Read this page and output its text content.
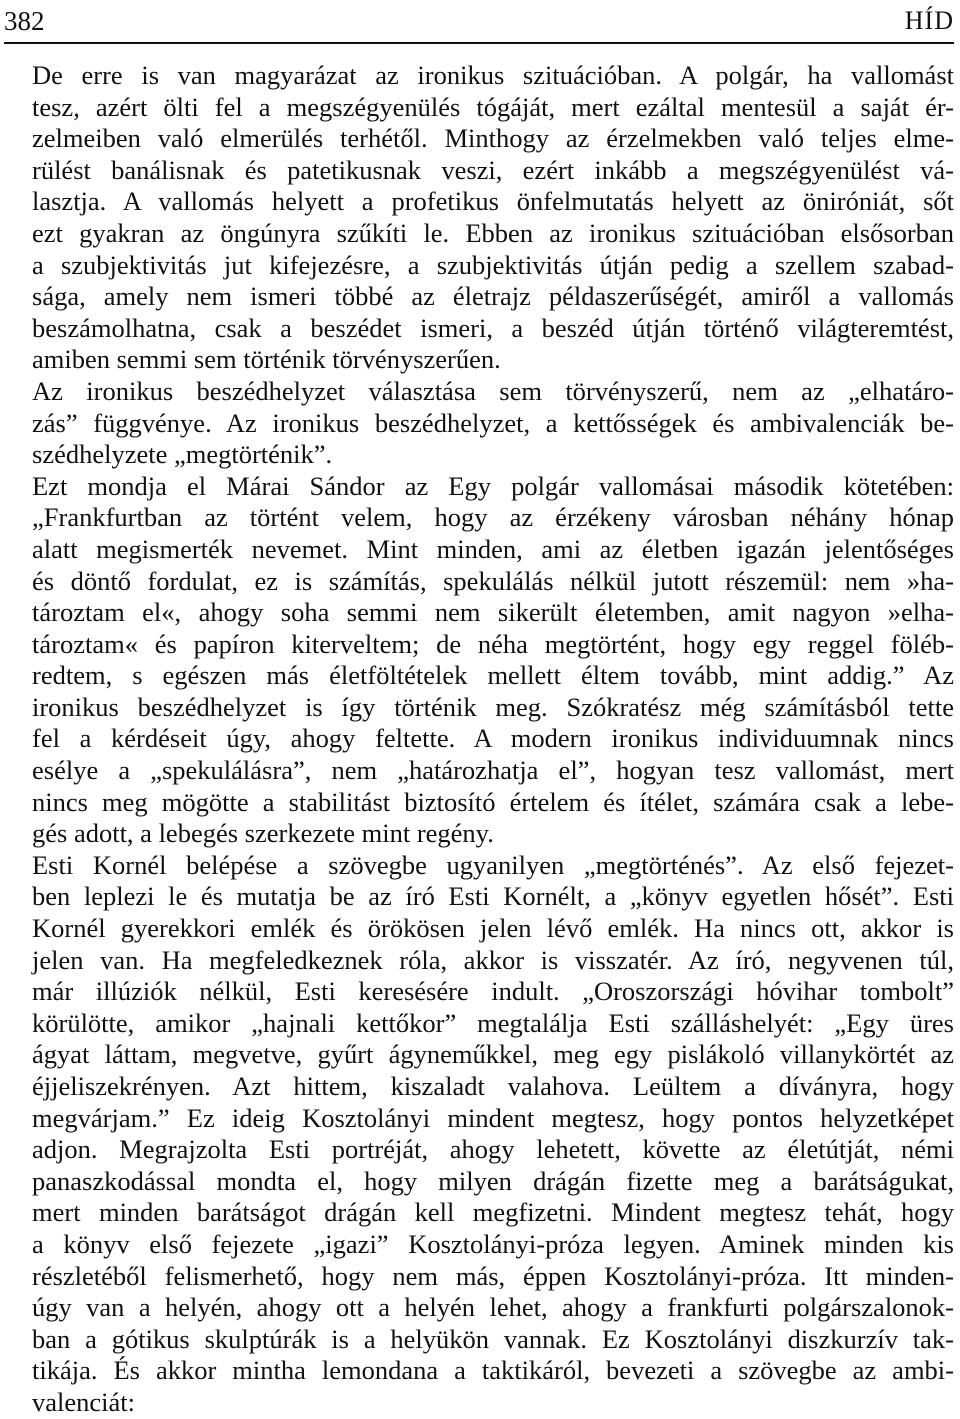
382	HÍD

De erre is van magyarázat az ironikus szituációban. A polgár, ha vallomást
tesz, azért ölti fel a megszégyenülés tógáját, mert ezáltal mentesül a saját ér-
zelmeiben való elmerülés terhétől. Minthogy az érzelmekben való teljes elme-
rülést banálisnak és patetikusnak veszi, ezért inkább a megszégyenülést vá-
lasztja. A vallomás helyett a profetikus önfelmutatás helyett az öniróniát, sőt
ezt gyakran az öngúnyra szűkíti le. Ebben az ironikus szituációban elsősorban
a szubjektivitás jut kifejezésre, a szubjektivitás útján pedig a szellem szabad-
sága, amely nem ismeri többé az életrajz példaszerűségét, amiről a vallomás
beszámolhatna, csak a beszédet ismeri, a beszéd útján történő világteremtést,
amiben semmi sem történik törvényszerűen.

Az ironikus beszédhelyzet választása sem törvényszerű, nem az „elhatáro-
zás” függvénye. Az ironikus beszédhelyzet, a kettősségek és ambivalenciák be-
szédhelyzete „megtörténik”.

Ezt mondja el Márai Sándor az Egy polgár vallomásai második kötetében:
„Frankfurtban az történt velem, hogy az érzékeny városban néhány hónap
alatt megismerték nevemet. Mint minden, ami az életben igazán jelentőséges
és döntő fordulat, ez is számítás, spekulálás nélkül jutott részemül: nem »ha-
tároztam el«, ahogy soha semmi nem sikerült életemben, amit nagyon »elha-
tároztam« és papíron kiterveltem; de néha megtörtént, hogy egy reggel föléb-
redtem, s egészen más életföltételek mellett éltem tovább, mint addig.” Az
ironikus beszédhelyzet is így történik meg. Szókratész még számításból tette
fel a kérdéseit úgy, ahogy feltette. A modern ironikus individuumnak nincs
esélye a „spekulálásra”, nem „határozhatja el”, hogyan tesz vallomást, mert
nincs meg mögötte a stabilitást biztosító értelem és ítélet, számára csak a lebe-
gés adott, a lebegés szerkezete mint regény.

Esti Kornél belépése a szövegbe ugyanilyen „megtörténés”. Az első fejezet-
ben leplezi le és mutatja be az író Esti Kornélt, a „könyv egyetlen hősét”. Esti
Kornél gyerekkori emlék és örökösen jelen lévő emlék. Ha nincs ott, akkor is
jelen van. Ha megfeledkeznek róla, akkor is visszatér. Az író, negyvenen túl,
már illúziók nélkül, Esti keresésére indult. „Oroszországi hóvihar tombolt”
körülötte, amikor „hajnali kettőkor” megtalálja Esti szálláshelyét: „Egy üres
ágyat láttam, megvetve, gyűrt ágyneműkkel, meg egy pislákoló villanykörtét az
éjjeliszekrényen. Azt hittem, kiszaladt valahova. Leültem a díványra, hogy
megvárjam.” Ez ideig Kosztolányi mindent megtesz, hogy pontos helyzetképet
adjon. Megrajzolta Esti portréját, ahogy lehetett, követte az életútját, némi
panaszkodással mondta el, hogy milyen drágán fizette meg a barátságukat,
mert minden barátságot drágán kell megfizetni. Mindent megtesz tehát, hogy
a könyv első fejezete „igazi” Kosztolányi-próza legyen. Aminek minden kis
részletéből felismerhető, hogy nem más, éppen Kosztolányi-próza. Itt minden-
úgy van a helyén, ahogy ott a helyén lehet, ahogy a frankfurti polgárszalonok-
ban a gótikus skulptúrák is a helyükön vannak. Ez Kosztolányi diszkurzív tak-
tikája. És akkor mintha lemondana a taktikáról, bevezeti a szövegbe az ambi-
valenciát:
